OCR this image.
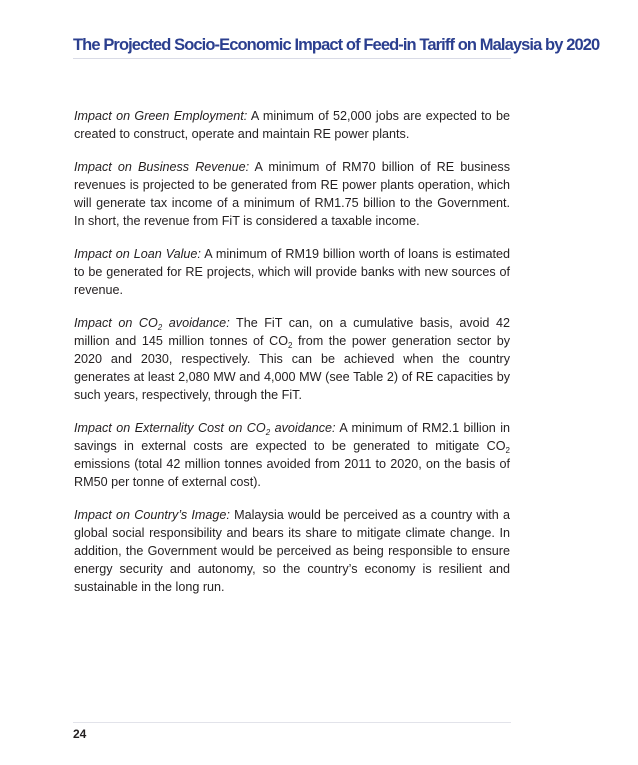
The Projected Socio-Economic Impact of Feed-in Tariff on Malaysia by 2020

Impact on Green Employment: A minimum of 52,000 jobs are expected to be created to construct, operate and maintain RE power plants.

Impact on Business Revenue: A minimum of RM70 billion of RE business revenues is projected to be generated from RE power plants operation, which will generate tax income of a minimum of RM1.75 billion to the Government. In short, the revenue from FiT is considered a taxable income.

Impact on Loan Value: A minimum of RM19 billion worth of loans is estimated to be generated for RE projects, which will provide banks with new sources of revenue.

Impact on $CO_2$ avoidance: The FiT can, on a cumulative basis, avoid 42 million and 145 million tonnes of $CO_2$ from the power generation sector by 2020 and 2030, respectively. This can be achieved when the country generates at least 2,080 MW and 4,000 MW (see Table 2) of RE capacities by such years, respectively, through the FiT.

Impact on Externality Cost on $CO_2$ avoidance: A minimum of RM2.1 billion in savings in external costs are expected to be generated to mitigate $CO_2$ emissions (total 42 million tonnes avoided from 2011 to 2020, on the basis of RM50 per tonne of external cost).

Impact on Country’s Image: Malaysia would be perceived as a country with a global social responsibility and bears its share to mitigate climate change. In addition, the Government would be perceived as being responsible to ensure energy security and autonomy, so the country’s economy is resilient and sustainable in the long run.

24
